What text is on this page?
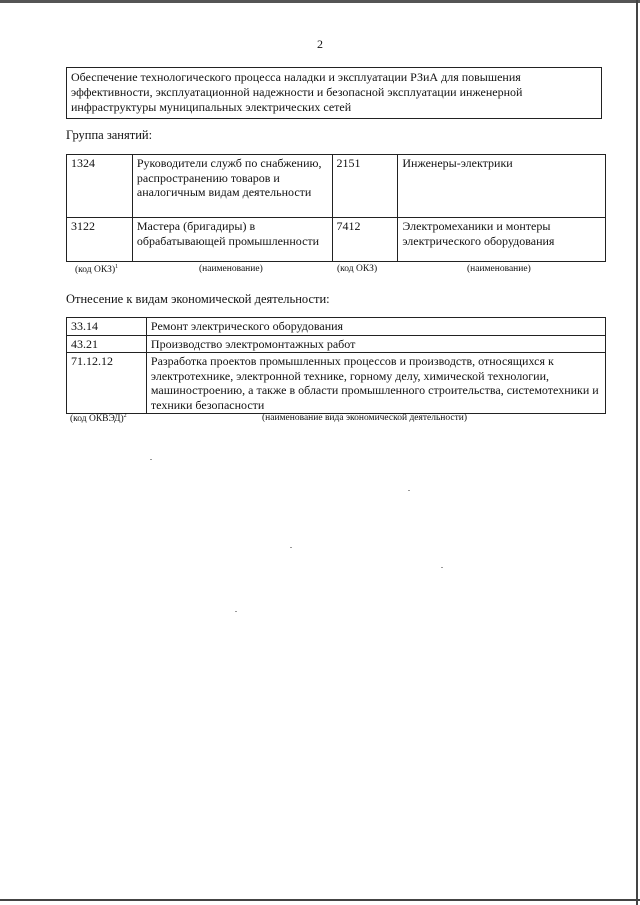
2
Обеспечение технологического процесса наладки и эксплуатации РЗиА для повышения эффективности, эксплуатационной надежности и безопасной эксплуатации инженерной инфраструктуры муниципальных электрических сетей
Группа занятий:
1324	Руководители служб по снабжению, распространению товаров и аналогичным видам деятельности	2151	Инженеры-электрики
3122	Мастера (бригадиры) в обрабатывающей промышленности	7412	Электромеханики и монтеры электрического оборудования
(код ОКЗ)$^1$	(наименование)	(код ОКЗ)	(наименование)
Отнесение к видам экономической деятельности:
33.14	Ремонт электрического оборудования
43.21	Производство электромонтажных работ
71.12.12	Разработка проектов промышленных процессов и производств, относящихся к электротехнике, электронной технике, горному делу, химической технологии, машиностроению, а также в области промышленного строительства, системотехники и техники безопасности
(код ОКВЭД)$^2$	(наименование вида экономической деятельности)
